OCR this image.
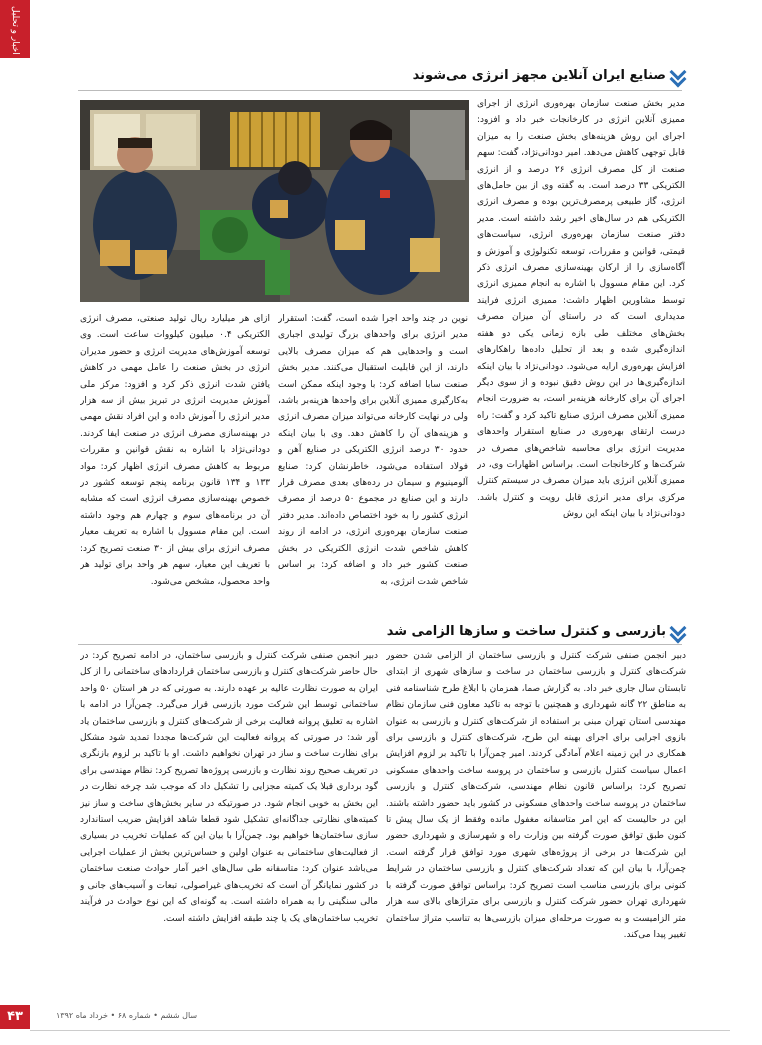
اخبار و تحلیل
۴۳
صنایع ایران آنلاین مجهز انرژی می‌شوند

مدیر بخش صنعت سازمان بهره‌وری انرژی از اجرای ممیزی آنلاین انرژی در کارخانجات خبر داد و افزود: اجرای این روش هزینه‌های بخش صنعت را به میزان قابل توجهی کاهش می‌دهد. امیر دودانی‌نژاد، گفت: سهم صنعت از کل مصرف انرژی ۲۶ درصد و از انرژی الکتریکی ۳۳ درصد است. به گفته وی از بین حامل‌های انرژی، گاز طبیعی پرمصرف‌ترین بوده و مصرف انرژی الکتریکی هم در سال‌های اخیر رشد داشته است. مدیر دفتر صنعت سازمان بهره‌وری انرژی، سیاست‌های قیمتی، قوانین و مقررات، توسعه تکنولوژی و آموزش و آگاه‌سازی را از ارکان بهینه‌سازی مصرف انرژی ذکر کرد. این مقام مسوول با اشاره به انجام ممیزی انرژی توسط مشاورین اظهار داشت: ممیزی انرژی فرایند مدیداری است که در راستای آن میزان مصرف بخش‌های مختلف طی بازه زمانی یکی دو هفته اندازه‌گیری شده و بعد از تحلیل داده‌ها راهکارهای افزایش بهره‌وری ارایه می‌شود. دودانی‌نژاد با بیان اینکه اندازه‌گیری‌ها در این روش دقیق نبوده و از سوی دیگر اجرای آن برای کارخانه هزینه‌بر است، به ضرورت انجام ممیزی آنلاین مصرف انرژی صنایع تاکید کرد و گفت: راه درست ارتقای بهره‌وری در صنایع استقرار واحدهای مدیریت انرژی برای محاسبه شاخص‌های مصرف در شرکت‌ها و کارخانجات است. براساس اظهارات وی، در ممیزی آنلاین انرژی باید میزان مصرف در سیستم کنترل مرکزی برای مدیر انرژی قابل رویت و کنترل باشد. دودانی‌نژاد با بیان اینکه این روش

نوین در چند واحد اجرا شده است، گفت: استقرار مدیر انرژی برای واحدهای بزرگ تولیدی اجباری است و واحدهایی هم که میزان مصرف بالایی دارند، از این قابلیت استقبال می‌کنند. مدیر بخش صنعت سابا اضافه کرد: با وجود اینکه ممکن است به‌کارگیری ممیزی آنلاین برای واحدها هزینه‌بر باشد، ولی در نهایت کارخانه می‌تواند میزان مصرف انرژی و هزینه‌های آن را کاهش دهد. وی با بیان اینکه حدود ۳۰ درصد انرژی الکتریکی در صنایع آهن و فولاد استفاده می‌شود، خاطرنشان کرد: صنایع آلومینیوم و سیمان در رده‌های بعدی مصرف قرار دارند و این صنایع در مجموع ۵۰ درصد از مصرف انرژی کشور را به خود اختصاص داده‌اند. مدیر دفتر صنعت سازمان بهره‌وری انرژی، در ادامه از روند کاهش شاخص شدت انرژی الکتریکی در بخش صنعت کشور خبر داد و اضافه کرد: بر اساس شاخص شدت انرژی، به

ازای هر میلیارد ریال تولید صنعتی، مصرف انرژی الکتریکی ۰.۴ میلیون کیلووات ساعت است. وی توسعه آموزش‌های مدیریت انرژی و حضور مدیران انرژی در بخش صنعت را عامل مهمی در کاهش یافتن شدت انرژی ذکر کرد و افزود: مرکز ملی آموزش مدیریت انرژی در تبریز بیش از سه هزار مدیر انرژی را آموزش داده و این افراد نقش مهمی در بهینه‌سازی مصرف انرژی در صنعت ایفا کردند. دودانی‌نژاد با اشاره به نقش قوانین و مقررات مربوط به کاهش مصرف انرژی اظهار کرد: مواد ۱۳۳ و ۱۳۴ قانون برنامه پنجم توسعه کشور در خصوص بهینه‌سازی مصرف انرژی است که مشابه آن در برنامه‌های سوم و چهارم هم وجود داشته است. این مقام مسوول با اشاره به تعریف معیار مصرف انرژی برای بیش از ۳۰ صنعت تصریح کرد: با تعریف این معیار، سهم هر واحد برای تولید هر واحد محصول، مشخص می‌شود.

بازرسی و کنترل ساخت و سازها الزامی شد

دبیر انجمن صنفی شرکت کنترل و بازرسی ساختمان از الزامی شدن حضور شرکت‌های کنترل و بازرسی ساختمان در ساخت و سازهای شهری از ابتدای تابستان سال جاری خبر داد. به گزارش صما، همزمان با ابلاغ طرح شناسنامه فنی به مناطق ۲۲ گانه شهرداری و همچنین با توجه به تاکید معاون فنی سازمان نظام مهندسی استان تهران مبنی بر استفاده از شرکت‌های کنترل و بازرسی به عنوان بازوی اجرایی برای اجرای بهینه این طرح، شرکت‌های کنترل و بازرسی برای همکاری در این زمینه اعلام آمادگی کردند. امیر چمن‌آرا با تاکید بر لزوم افزایش اعمال سیاست کنترل بازرسی و ساختمان در پروسه ساخت واحدهای مسکونی تصریح کرد: براساس قانون نظام مهندسی، شرکت‌های کنترل و بازرسی ساختمان در پروسه ساخت واحدهای مسکونی در کشور باید حضور داشته باشند. این در حالیست که این امر متاسفانه مغفول مانده وفقط از یک سال پیش تا کنون طبق توافق صورت گرفته بین وزارت راه و شهرسازی و شهرداری حضور این شرکت‌ها در برخی از پروژه‌های شهری مورد توافق قرار گرفته است. چمن‌آرا، با بیان این که تعداد شرکت‌های کنترل و بازرسی ساختمان در شرایط کنونی برای بازرسی مناسب است تصریح کرد: براساس توافق صورت گرفته با شهرداری تهران حضور شرکت کنترل و بازرسی برای متراژهای بالای سه هزار متر الزامیست و به صورت مرحله‌ای میزان بازرسی‌ها به تناسب متراژ ساختمان تغییر پیدا می‌کند.

دبیر انجمن صنفی شرکت کنترل و بازرسی ساختمان، در ادامه تصریح کرد: در حال حاضر شرکت‌های کنترل و بازرسی ساختمان قراردادهای ساختمانی را از کل ایران به صورت نظارت عالیه بر عهده دارند. به صورتی که در هر استان ۵۰ واحد ساختمانی توسط این شرکت مورد بازرسی قرار می‌گیرد. چمن‌آرا در ادامه با اشاره به تعلیق پروانه فعالیت برخی از شرکت‌های کنترل و بازرسی ساختمان یاد آور شد: در صورتی که پروانه فعالیت این شرکت‌ها مجددا تمدید شود مشکل برای نظارت ساخت و ساز در تهران نخواهیم داشت. او با تاکید بر لزوم بازنگری در تعریف صحیح روند نظارت و بازرسی پروژه‌ها تصریح کرد: نظام مهندسی برای گود برداری قبلا یک کمیته مجزایی را تشکیل داد که موجب شد چرخه نظارت در این بخش به خوبی انجام شود. در صورتیکه در سایر بخش‌های ساخت و ساز نیز کمیته‌های نظارتی جداگانه‌ای تشکیل شود قطعا شاهد افزایش ضریب استاندارد سازی ساختمان‌ها خواهیم بود. چمن‌آرا با بیان این که عملیات تخریب در بسیاری از فعالیت‌های ساختمانی به عنوان اولین و حساس‌ترین بخش از عملیات اجرایی می‌باشد عنوان کرد: متاسفانه طی سال‌های اخیر آمار حوادث صنعت ساختمان در کشور نمایانگر آن است که تخریب‌های غیراصولی، تبعات و آسیب‌های جانی و مالی سنگینی را به همراه داشته است. به گونه‌ای که این نوع حوادث در فرآیند تخریب ساختمان‌های یک یا چند طبقه افزایش داشته است.

سال ششم • شماره ۶۸ • خرداد ماه ۱۳۹۲
